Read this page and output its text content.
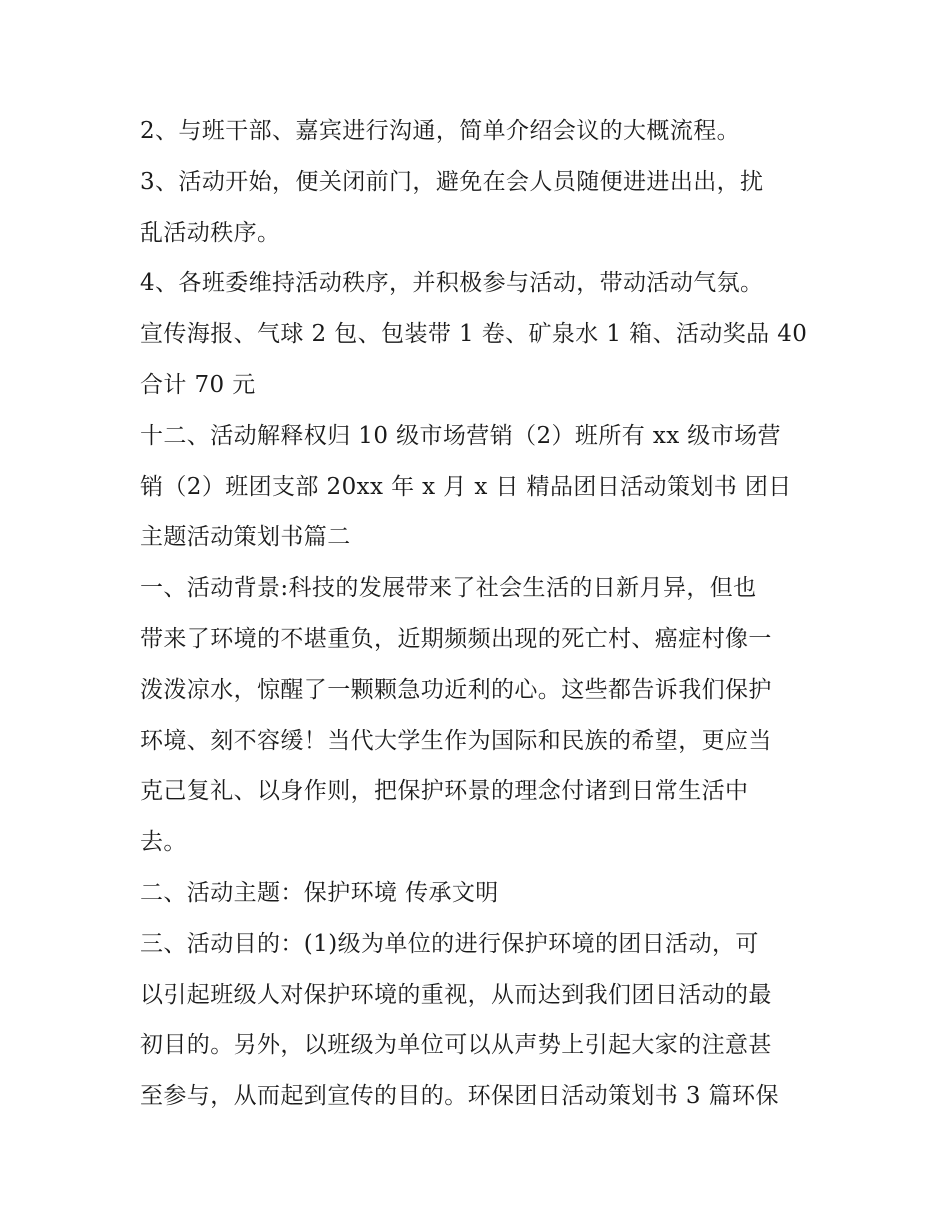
2、与班干部、嘉宾进行沟通，简单介绍会议的大概流程。
3、活动开始，便关闭前门，避免在会人员随便进进出出，扰
乱活动秩序。
4、各班委维持活动秩序，并积极参与活动，带动活动气氛。
宣传海报、气球 2 包、包装带 1 卷、矿泉水 1 箱、活动奖品 40
合计 70 元
十二、活动解释权归 10 级市场营销（2）班所有 xx 级市场营
销（2）班团支部 20xx 年 x 月 x 日 精品团日活动策划书 团日
主题活动策划书篇二
一、活动背景:科技的发展带来了社会生活的日新月异，但也
带来了环境的不堪重负，近期频频出现的死亡村、癌症村像一
泼泼凉水，惊醒了一颗颗急功近利的心。这些都告诉我们保护
环境、刻不容缓！当代大学生作为国际和民族的希望，更应当
克己复礼、以身作则，把保护环景的理念付诸到日常生活中
去。
二、活动主题：保护环境 传承文明
三、活动目的：(1)级为单位的进行保护环境的团日活动，可
以引起班级人对保护环境的重视，从而达到我们团日活动的最
初目的。另外，以班级为单位可以从声势上引起大家的注意甚
至参与，从而起到宣传的目的。环保团日活动策划书 3 篇环保
